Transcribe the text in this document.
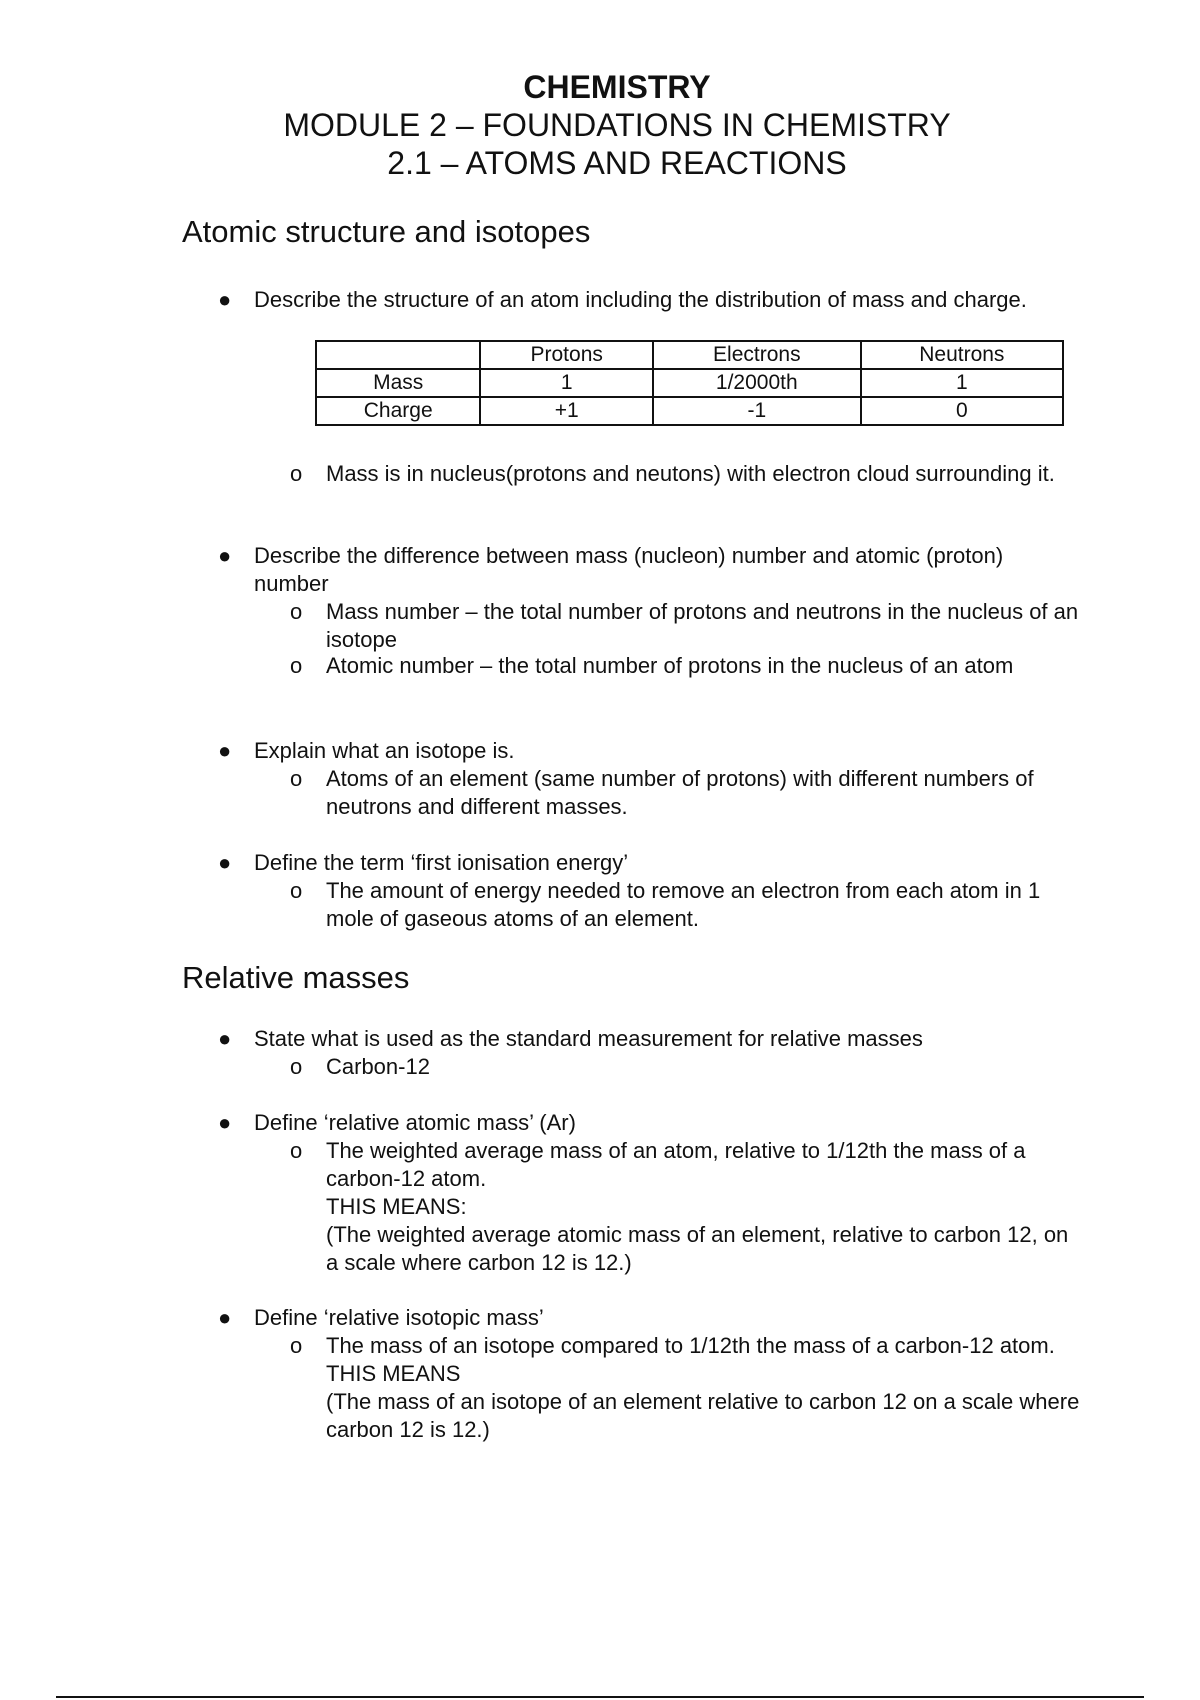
CHEMISTRY
MODULE 2 – FOUNDATIONS IN CHEMISTRY
2.1 – ATOMS AND REACTIONS
Atomic structure and isotopes
● Describe the structure of an atom including the distribution of mass and charge.
	Protons	Electrons	Neutrons
Mass	1	1/2000th	1
Charge	+1	-1	0
o Mass is in nucleus(protons and neutons) with electron cloud surrounding it.
● Describe the difference between mass (nucleon) number and atomic (proton) number
o Mass number – the total number of protons and neutrons in the nucleus of an isotope
o Atomic number – the total number of protons in the nucleus of an atom
● Explain what an isotope is.
o Atoms of an element (same number of protons) with different numbers of neutrons and different masses.
● Define the term ‘first ionisation energy’
o The amount of energy needed to remove an electron from each atom in 1 mole of gaseous atoms of an element.
Relative masses
● State what is used as the standard measurement for relative masses
o Carbon-12
● Define ‘relative atomic mass’ (Ar)
o The weighted average mass of an atom, relative to 1/12th the mass of a carbon-12 atom.
THIS MEANS:
(The weighted average atomic mass of an element, relative to carbon 12, on a scale where carbon 12 is 12.)
● Define ‘relative isotopic mass’
o The mass of an isotope compared to 1/12th the mass of a carbon-12 atom.
THIS MEANS
(The mass of an isotope of an element relative to carbon 12 on a scale where carbon 12 is 12.)
